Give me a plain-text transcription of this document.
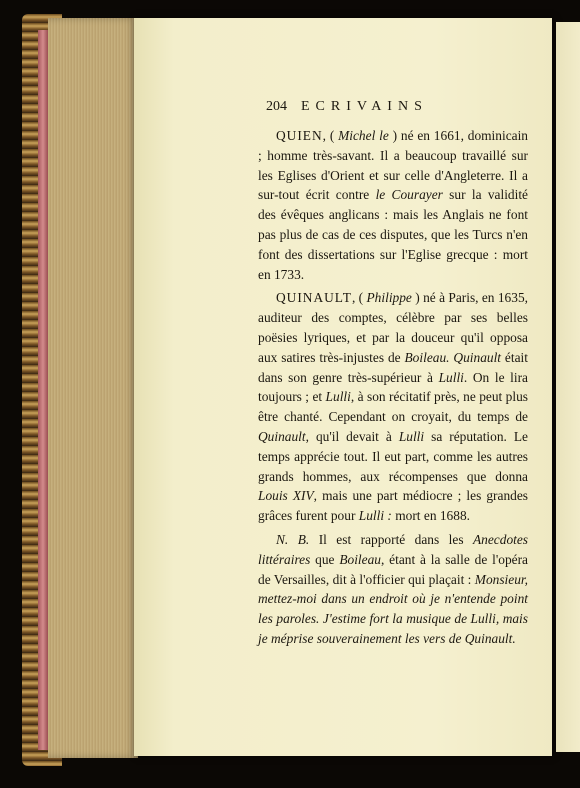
204 ECRIVAINS

QUIEN, ( Michel le ) né en 1661, dominicain ; homme très-savant. Il a beaucoup travaillé sur les Eglises d'Orient et sur celle d'Angleterre. Il a sur-tout écrit contre le Courayer sur la validité des évêques anglicans : mais les Anglais ne font pas plus de cas de ces disputes, que les Turcs n'en font des dissertations sur l'Eglise grecque : mort en 1733.

QUINAULT, ( Philippe ) né à Paris, en 1635, auditeur des comptes, célèbre par ses belles poësies lyriques, et par la douceur qu'il opposa aux satires très-injustes de Boileau. Quinault était dans son genre très-supérieur à Lulli. On le lira toujours ; et Lulli, à son récitatif près, ne peut plus être chanté. Cependant on croyait, du temps de Quinault, qu'il devait à Lulli sa réputation. Le temps apprécie tout. Il eut part, comme les autres grands hommes, aux récompenses que donna Louis XIV, mais une part médiocre ; les grandes grâces furent pour Lulli : mort en 1688.

N. B. Il est rapporté dans les Anecdotes littéraires que Boileau, étant à la salle de l'opéra de Versailles, dit à l'officier qui plaçait : Monsieur, mettez-moi dans un endroit où je n'entende point les paroles. J'estime fort la musique de Lulli, mais je méprise souverainement les vers de Quinault.
